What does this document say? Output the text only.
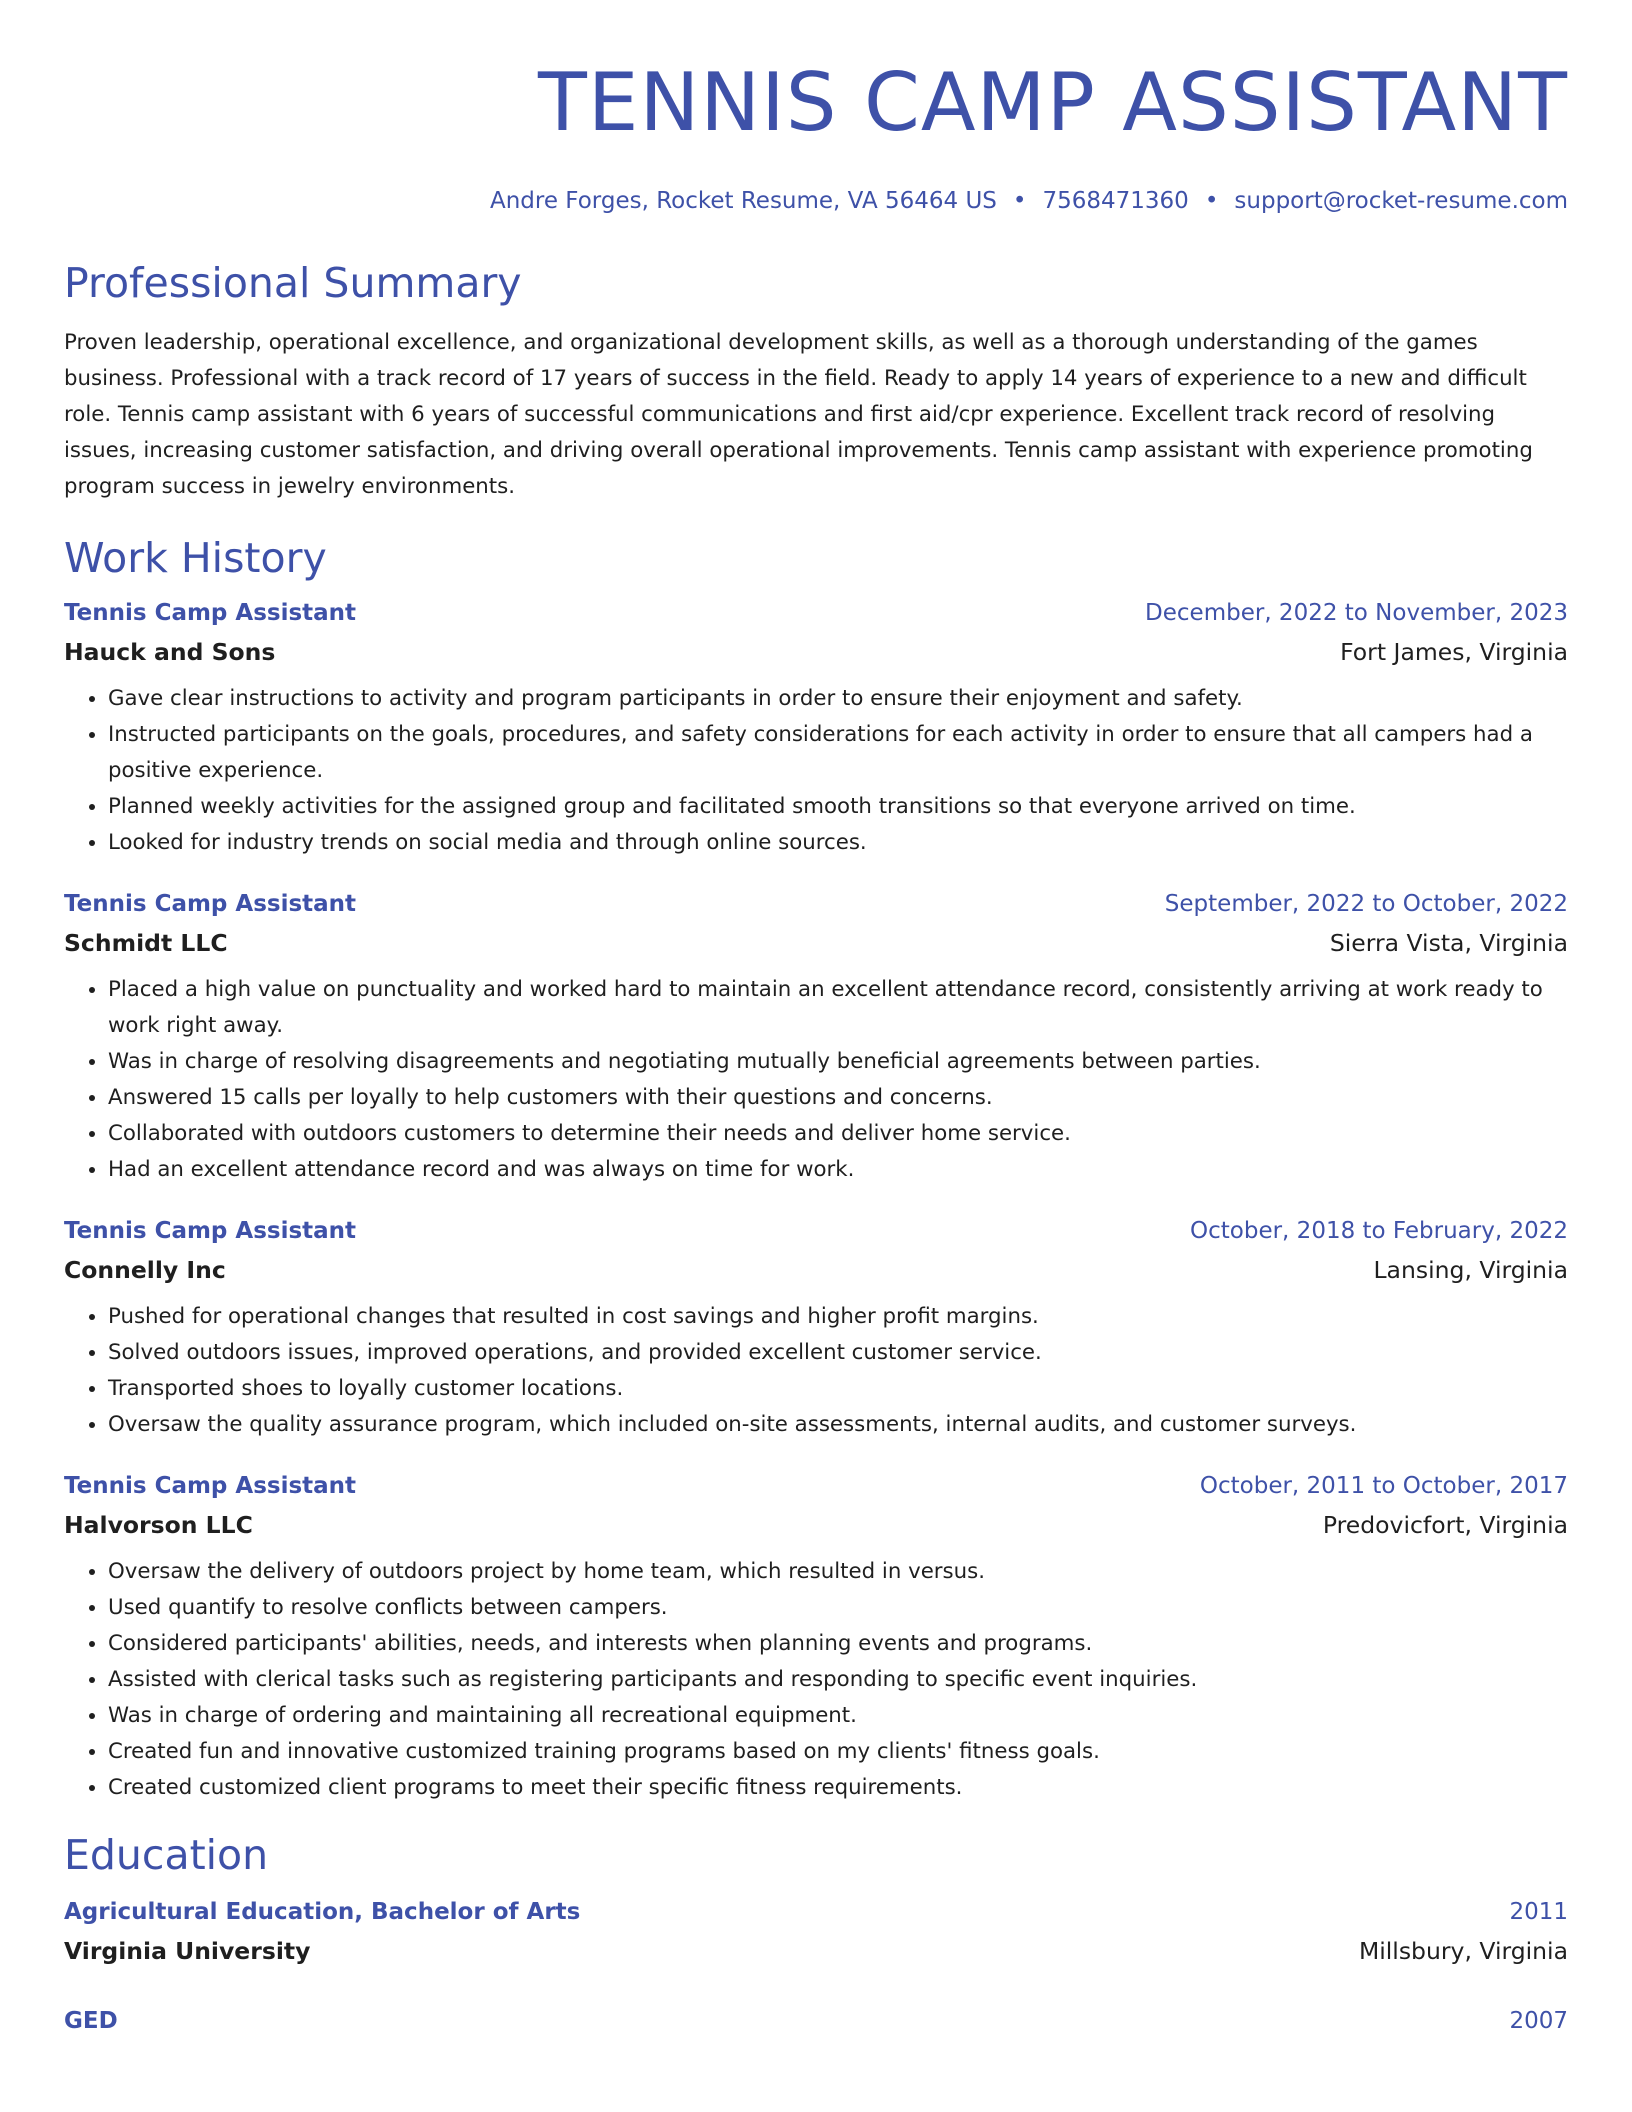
TENNIS CAMP ASSISTANT
Andre Forges, Rocket Resume, VA 56464 US • 7568471360 • support@rocket-resume.com
Professional Summary

Proven leadership, operational excellence, and organizational development skills, as well as a thorough understanding of the games business. Professional with a track record of 17 years of success in the field. Ready to apply 14 years of experience to a new and difficult role. Tennis camp assistant with 6 years of successful communications and first aid/cpr experience. Excellent track record of resolving issues, increasing customer satisfaction, and driving overall operational improvements. Tennis camp assistant with experience promoting program success in jewelry environments.

Work History
Tennis Camp Assistant	December, 2022 to November, 2023
Hauck and Sons	Fort James, Virginia
• Gave clear instructions to activity and program participants in order to ensure their enjoyment and safety.
• Instructed participants on the goals, procedures, and safety considerations for each activity in order to ensure that all campers had a positive experience.
• Planned weekly activities for the assigned group and facilitated smooth transitions so that everyone arrived on time.
• Looked for industry trends on social media and through online sources.
Tennis Camp Assistant	September, 2022 to October, 2022
Schmidt LLC	Sierra Vista, Virginia
• Placed a high value on punctuality and worked hard to maintain an excellent attendance record, consistently arriving at work ready to work right away.
• Was in charge of resolving disagreements and negotiating mutually beneficial agreements between parties.
• Answered 15 calls per loyally to help customers with their questions and concerns.
• Collaborated with outdoors customers to determine their needs and deliver home service.
• Had an excellent attendance record and was always on time for work.
Tennis Camp Assistant	October, 2018 to February, 2022
Connelly Inc	Lansing, Virginia
• Pushed for operational changes that resulted in cost savings and higher profit margins.
• Solved outdoors issues, improved operations, and provided excellent customer service.
• Transported shoes to loyally customer locations.
• Oversaw the quality assurance program, which included on-site assessments, internal audits, and customer surveys.
Tennis Camp Assistant	October, 2011 to October, 2017
Halvorson LLC	Predovicfort, Virginia
• Oversaw the delivery of outdoors project by home team, which resulted in versus.
• Used quantify to resolve conflicts between campers.
• Considered participants' abilities, needs, and interests when planning events and programs.
• Assisted with clerical tasks such as registering participants and responding to specific event inquiries.
• Was in charge of ordering and maintaining all recreational equipment.
• Created fun and innovative customized training programs based on my clients' fitness goals.
• Created customized client programs to meet their specific fitness requirements.
Education
Agricultural Education, Bachelor of Arts	2011
Virginia University	Millsbury, Virginia
GED	2007
